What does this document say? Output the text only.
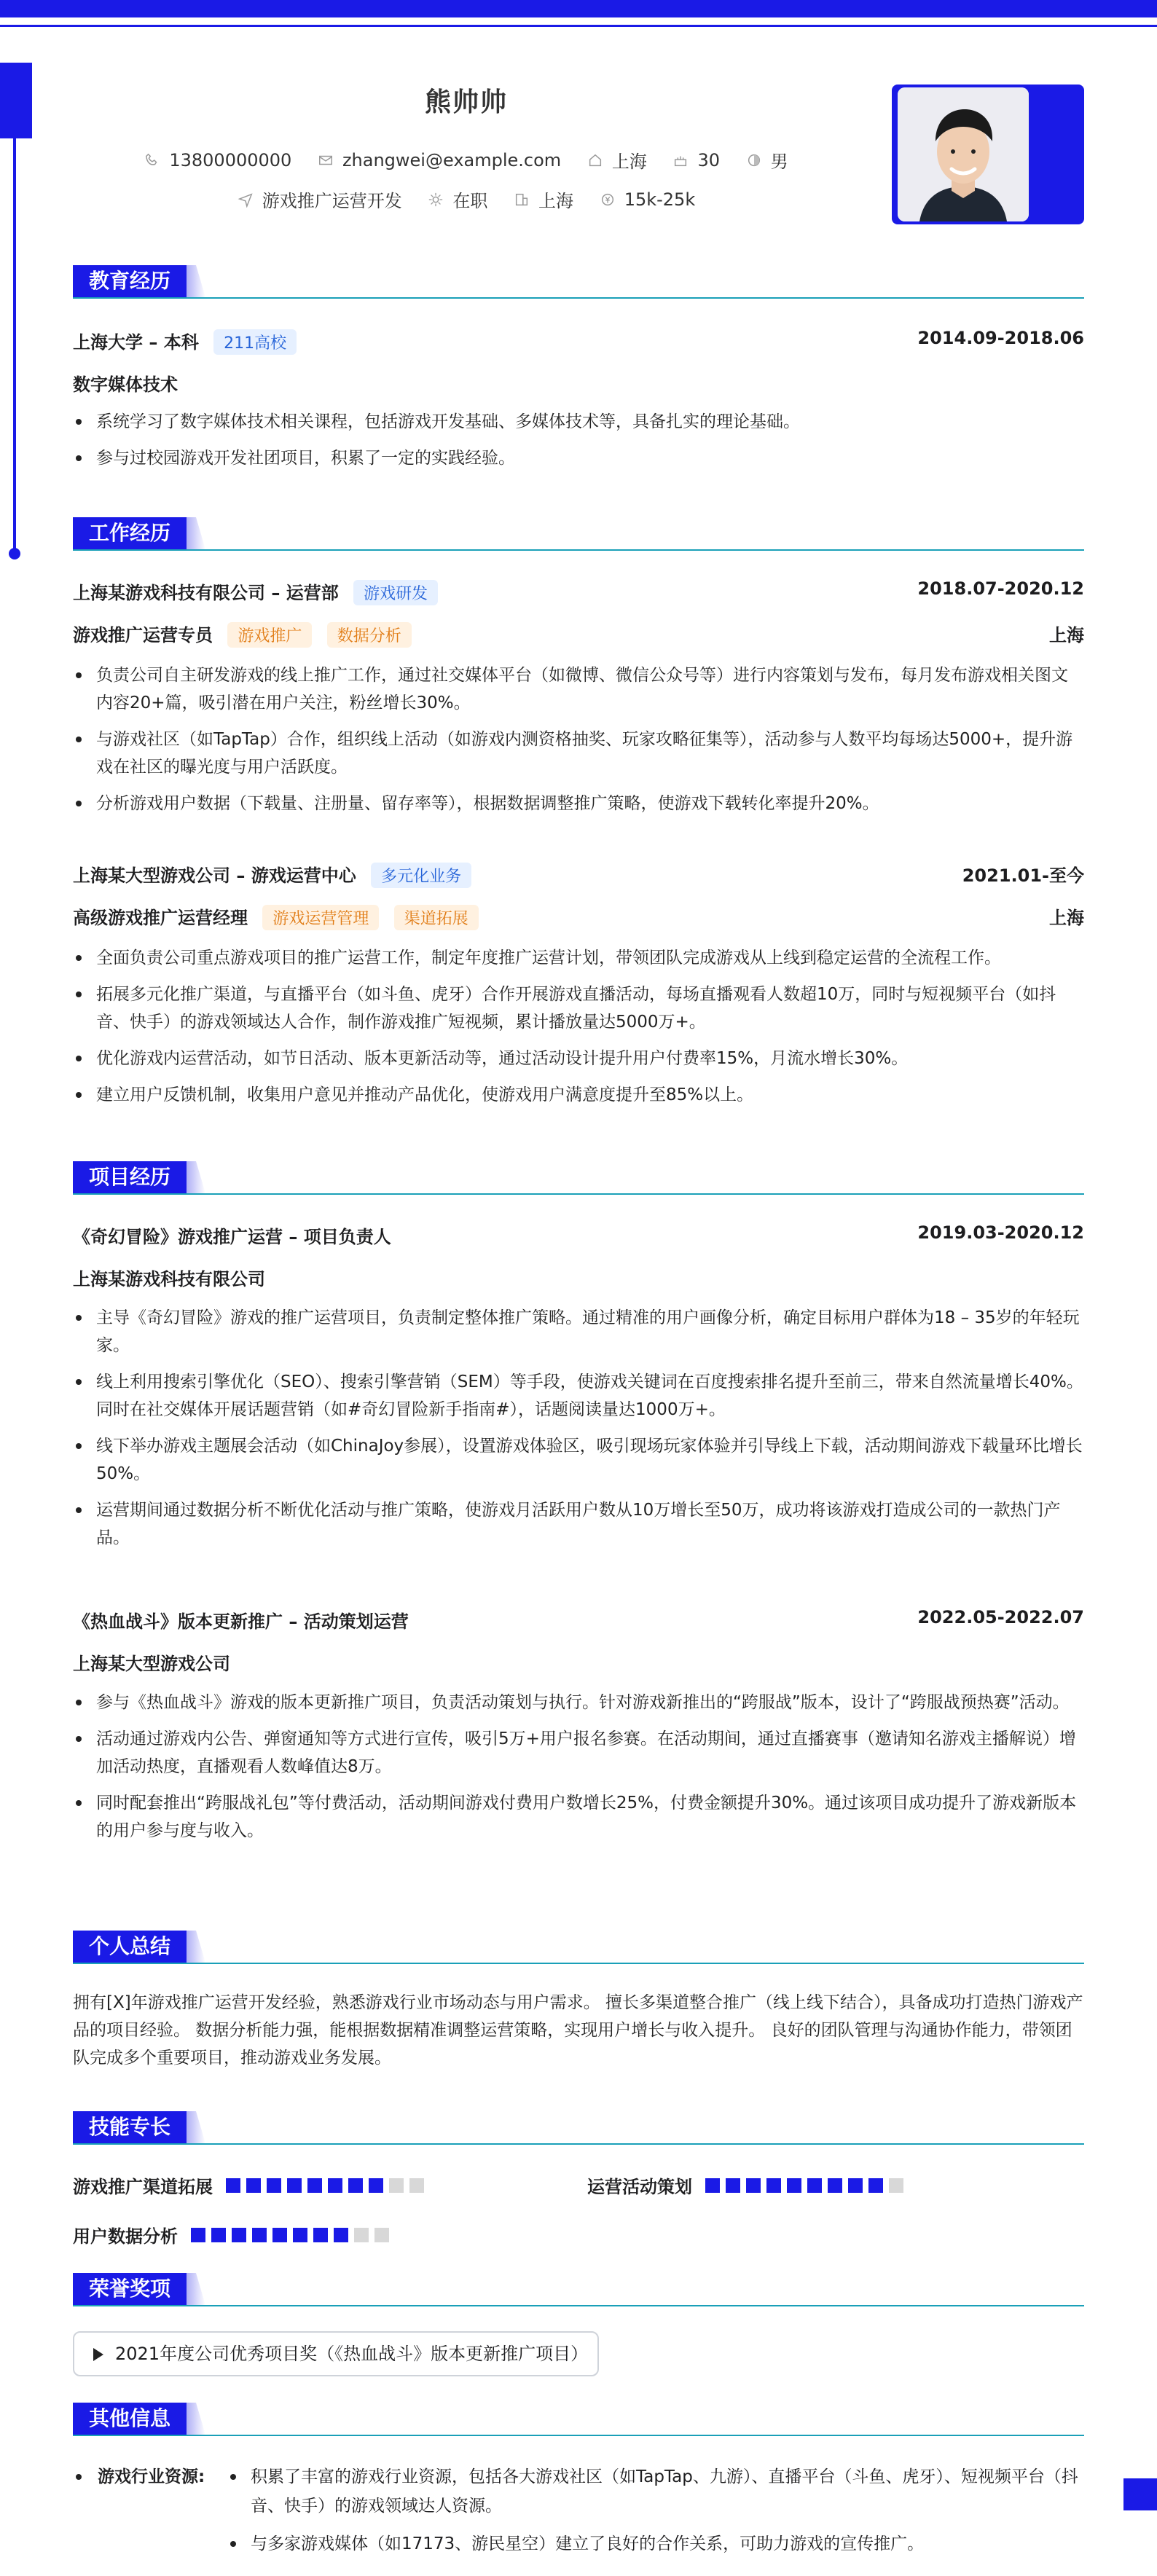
熊帅帅
13800000000
	zhangwei@example.com
	上海
	30
	男
游戏推广运营开发
	在职
	上海
	15k-25k
教育经历
上海大学 – 本科 211高校	2014.09-2018.06
数字媒体技术
系统学习了数字媒体技术相关课程，包括游戏开发基础、多媒体技术等，具备扎实的理论基础。
参与过校园游戏开发社团项目，积累了一定的实践经验。
工作经历
上海某游戏科技有限公司 – 运营部 游戏研发	2018.07-2020.12
游戏推广运营专员 游戏推广 数据分析	上海
负责公司自主研发游戏的线上推广工作，通过社交媒体平台（如微博、微信公众号等）进行内容策划与发布，每月发布游戏相关图文内容20+篇，吸引潜在用户关注，粉丝增长30%。
与游戏社区（如TapTap）合作，组织线上活动（如游戏内测资格抽奖、玩家攻略征集等），活动参与人数平均每场达5000+，提升游戏在社区的曝光度与用户活跃度。
分析游戏用户数据（下载量、注册量、留存率等），根据数据调整推广策略，使游戏下载转化率提升20%。
上海某大型游戏公司 – 游戏运营中心 多元化业务	2021.01-至今
高级游戏推广运营经理 游戏运营管理 渠道拓展	上海
全面负责公司重点游戏项目的推广运营工作，制定年度推广运营计划，带领团队完成游戏从上线到稳定运营的全流程工作。
拓展多元化推广渠道，与直播平台（如斗鱼、虎牙）合作开展游戏直播活动，每场直播观看人数超10万，同时与短视频平台（如抖音、快手）的游戏领域达人合作，制作游戏推广短视频，累计播放量达5000万+。
优化游戏内运营活动，如节日活动、版本更新活动等，通过活动设计提升用户付费率15%，月流水增长30%。
建立用户反馈机制，收集用户意见并推动产品优化，使游戏用户满意度提升至85%以上。
项目经历
《奇幻冒险》游戏推广运营 – 项目负责人	2019.03-2020.12
上海某游戏科技有限公司
主导《奇幻冒险》游戏的推广运营项目，负责制定整体推广策略。通过精准的用户画像分析，确定目标用户群体为18 – 35岁的年轻玩家。
线上利用搜索引擎优化（SEO）、搜索引擎营销（SEM）等手段，使游戏关键词在百度搜索排名提升至前三，带来自然流量增长40%。同时在社交媒体开展话题营销（如#奇幻冒险新手指南#），话题阅读量达1000万+。
线下举办游戏主题展会活动（如ChinaJoy参展），设置游戏体验区，吸引现场玩家体验并引导线上下载，活动期间游戏下载量环比增长50%。
运营期间通过数据分析不断优化活动与推广策略，使游戏月活跃用户数从10万增长至50万，成功将该游戏打造成公司的一款热门产品。
《热血战斗》版本更新推广 – 活动策划运营	2022.05-2022.07
上海某大型游戏公司
参与《热血战斗》游戏的版本更新推广项目，负责活动策划与执行。针对游戏新推出的“跨服战”版本，设计了“跨服战预热赛”活动。
活动通过游戏内公告、弹窗通知等方式进行宣传，吸引5万+用户报名参赛。在活动期间，通过直播赛事（邀请知名游戏主播解说）增加活动热度，直播观看人数峰值达8万。
同时配套推出“跨服战礼包”等付费活动，活动期间游戏付费用户数增长25%，付费金额提升30%。通过该项目成功提升了游戏新版本的用户参与度与收入。
个人总结
拥有[X]年游戏推广运营开发经验，熟悉游戏行业市场动态与用户需求。 擅长多渠道整合推广（线上线下结合），具备成功打造热门游戏产品的项目经验。 数据分析能力强，能根据数据精准调整运营策略，实现用户增长与收入提升。 良好的团队管理与沟通协作能力，带领团队完成多个重要项目，推动游戏业务发展。
技能专长
游戏推广渠道拓展	运营活动策划
用户数据分析
荣誉奖项
2021年度公司优秀项目奖（《热血战斗》版本更新推广项目）
其他信息
游戏行业资源:	积累了丰富的游戏行业资源，包括各大游戏社区（如TapTap、九游）、直播平台（斗鱼、虎牙）、短视频平台（抖音、快手）的游戏领域达人资源。
与多家游戏媒体（如17173、游民星空）建立了良好的合作关系，可助力游戏的宣传推广。
